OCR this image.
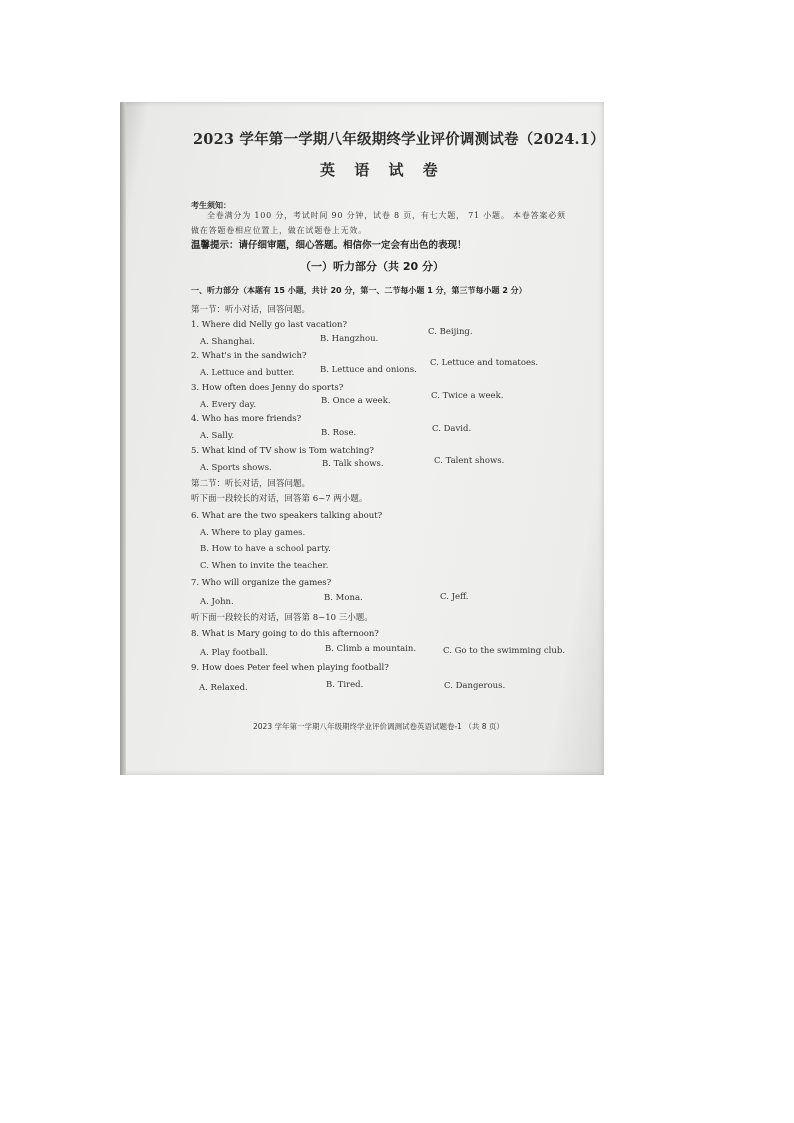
2023 学年第一学期八年级期终学业评价调测试卷（2024.1）
英 语 试 卷
考生须知：
全卷满分为 100 分，考试时间 90 分钟，试卷 8 页，有七大题， 71 小题。 本卷答案必须
做在答题卷相应位置上，做在试题卷上无效。
温馨提示：请仔细审题，细心答题。相信你一定会有出色的表现！
（一）听力部分（共 20 分）
一、听力部分（本题有 15 小题，共计 20 分，第一、二节每小题 1 分，第三节每小题 2 分）
第一节：听小对话，回答问题。
1. Where did Nelly go last vacation?
A. Shanghai.	B. Hangzhou.
C. Beijing.
2. What's in the sandwich?
A. Lettuce and butter.	B. Lettuce and onions.
C. Lettuce and tomatoes.
3. How often does Jenny do sports?
A. Every day.	B. Once a week.	C. Twice a week.
4. Who has more friends?
A. Sally.	B. Rose.	C. David.
5. What kind of TV show is Tom watching?
A. Sports shows.	B. Talk shows.	C. Talent shows.
第二节：听长对话，回答问题。
听下面一段较长的对话，回答第 6~7 两小题。
6. What are the two speakers talking about?
A. Where to play games.
B. How to have a school party.
C. When to invite the teacher.
7. Who will organize the games?
A. John.	B. Mona.	C. Jeff.
听下面一段较长的对话，回答第 8~10 三小题。
8. What is Mary going to do this afternoon?
A. Play football.	B. Climb a mountain.	C. Go to the swimming club.
9. How does Peter feel when playing football?
A. Relaxed.	B. Tired.	C. Dangerous.
2023 学年第一学期八年级期终学业评价调测试卷英语试题卷-1 （共 8 页）
